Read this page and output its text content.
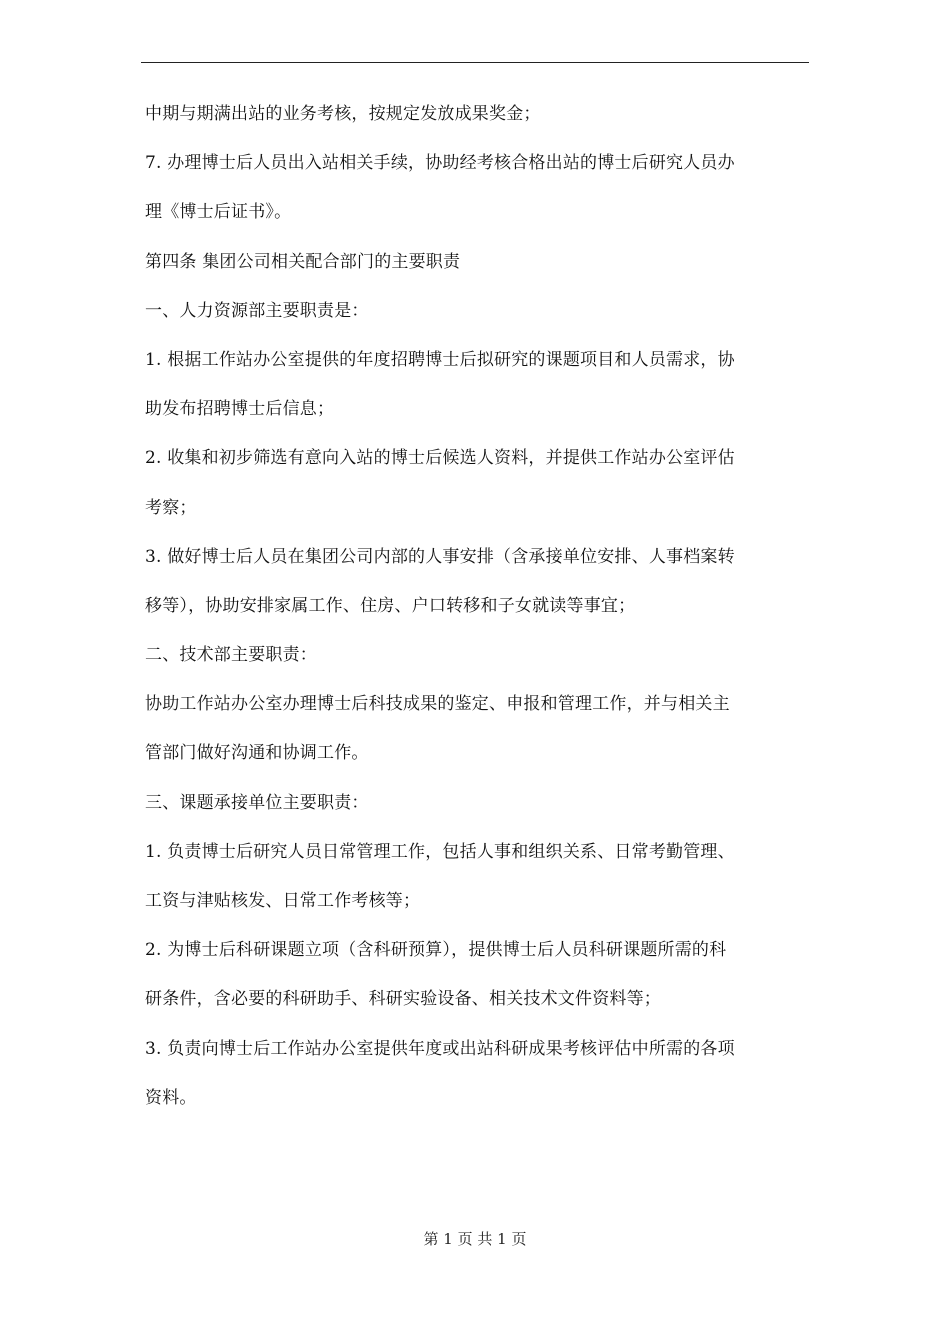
中期与期满出站的业务考核，按规定发放成果奖金；
7. 办理博士后人员出入站相关手续，协助经考核合格出站的博士后研究人员办
理《博士后证书》。
第四条 集团公司相关配合部门的主要职责
一、人力资源部主要职责是：
1. 根据工作站办公室提供的年度招聘博士后拟研究的课题项目和人员需求，协
助发布招聘博士后信息；
2. 收集和初步筛选有意向入站的博士后候选人资料，并提供工作站办公室评估
考察；
3. 做好博士后人员在集团公司内部的人事安排（含承接单位安排、人事档案转
移等），协助安排家属工作、住房、户口转移和子女就读等事宜；
二、技术部主要职责：
协助工作站办公室办理博士后科技成果的鉴定、申报和管理工作，并与相关主
管部门做好沟通和协调工作。
三、课题承接单位主要职责：
1. 负责博士后研究人员日常管理工作，包括人事和组织关系、日常考勤管理、
工资与津贴核发、日常工作考核等；
2. 为博士后科研课题立项（含科研预算），提供博士后人员科研课题所需的科
研条件，含必要的科研助手、科研实验设备、相关技术文件资料等；
3. 负责向博士后工作站办公室提供年度或出站科研成果考核评估中所需的各项
资料。
第 1 页 共 1 页
